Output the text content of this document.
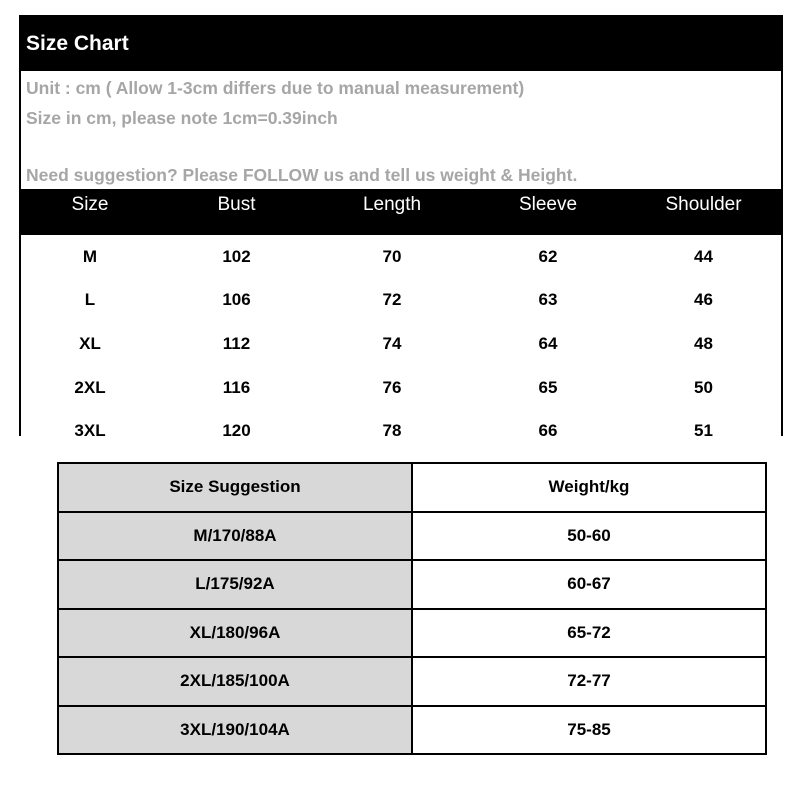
Size Chart
Unit : cm ( Allow 1-3cm differs due to manual measurement)
Size in cm, please note 1cm=0.39inch
Need suggestion? Please FOLLOW us and tell us weight & Height.
Size	Bust	Length	Sleeve	Shoulder
M	102	70	62	44
L	106	72	63	46
XL	112	74	64	48
2XL	116	76	65	50
3XL	120	78	66	51
Size Suggestion	Weight/kg
M/170/88A	50-60
L/175/92A	60-67
XL/180/96A	65-72
2XL/185/100A	72-77
3XL/190/104A	75-85
